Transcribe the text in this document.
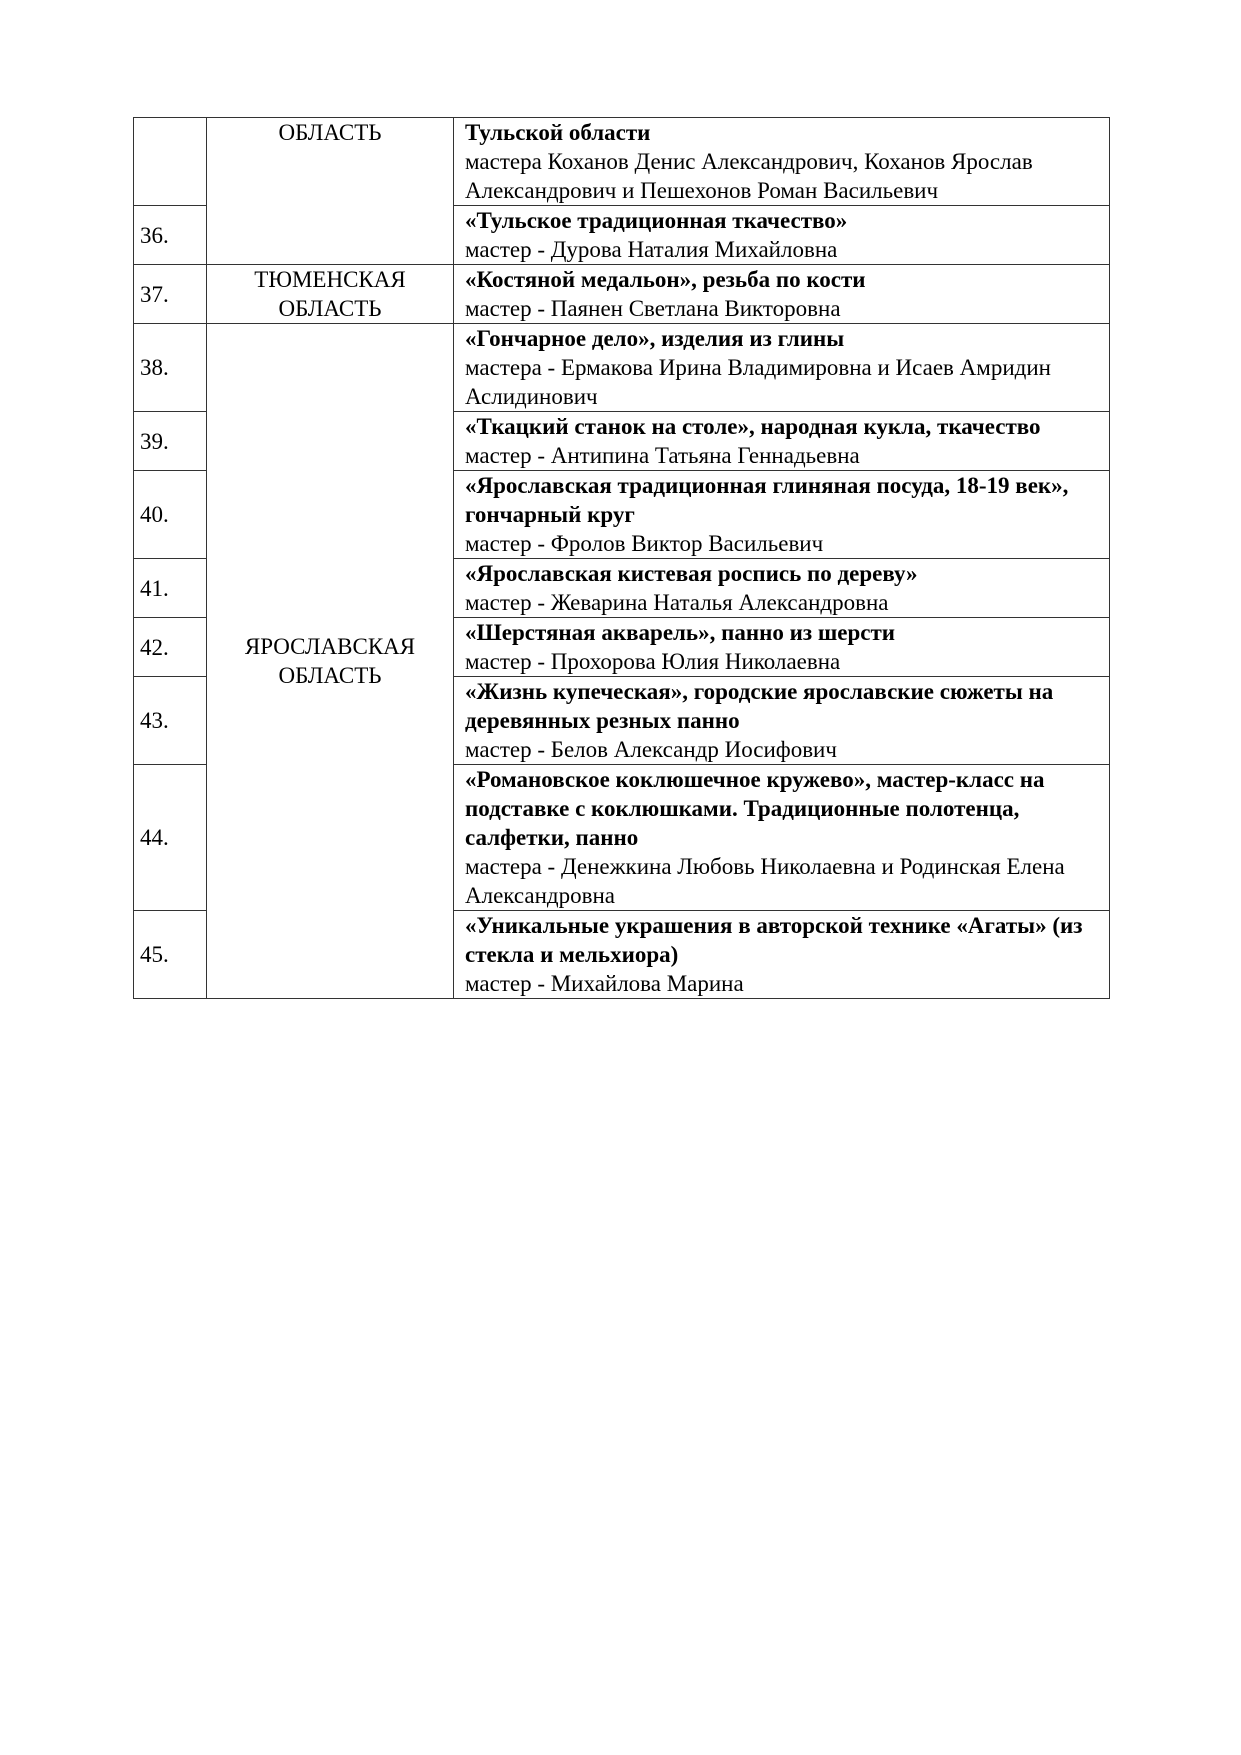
	ОБЛАСТЬ	Тульской области
мастера Коханов Денис Александрович, Коханов Ярослав Александрович и Пешехонов Роман Васильевич

36.		«Тульское традиционная ткачество»
мастер - Дурова Наталия Михайловна

37.	ТЮМЕНСКАЯ
ОБЛАСТЬ	«Костяной медальон», резьба по кости
мастер - Паянен Светлана Викторовна

38.	ЯРОСЛАВСКАЯ
ОБЛАСТЬ	«Гончарное дело», изделия из глины
мастера - Ермакова Ирина Владимировна и Исаев Амридин Аслидинович

39.		«Ткацкий станок на столе», народная кукла, ткачество
мастер - Антипина Татьяна Геннадьевна

40.		«Ярославская традиционная глиняная посуда, 18-19 век», гончарный круг
мастер - Фролов Виктор Васильевич

41.		«Ярославская кистевая роспись по дереву»
мастер - Жеварина Наталья Александровна

42.		«Шерстяная акварель», панно из шерсти
мастер - Прохорова Юлия Николаевна

43.		«Жизнь купеческая», городские ярославские сюжеты на деревянных резных панно
мастер - Белов Александр Иосифович

44.		«Романовское коклюшечное кружево», мастер-класс на подставке с коклюшками. Традиционные полотенца, салфетки, панно
мастера - Денежкина Любовь Николаевна и Родинская Елена Александровна

45.		«Уникальные украшения в авторской технике «Агаты» (из стекла и мельхиора)
мастер - Михайлова Марина
